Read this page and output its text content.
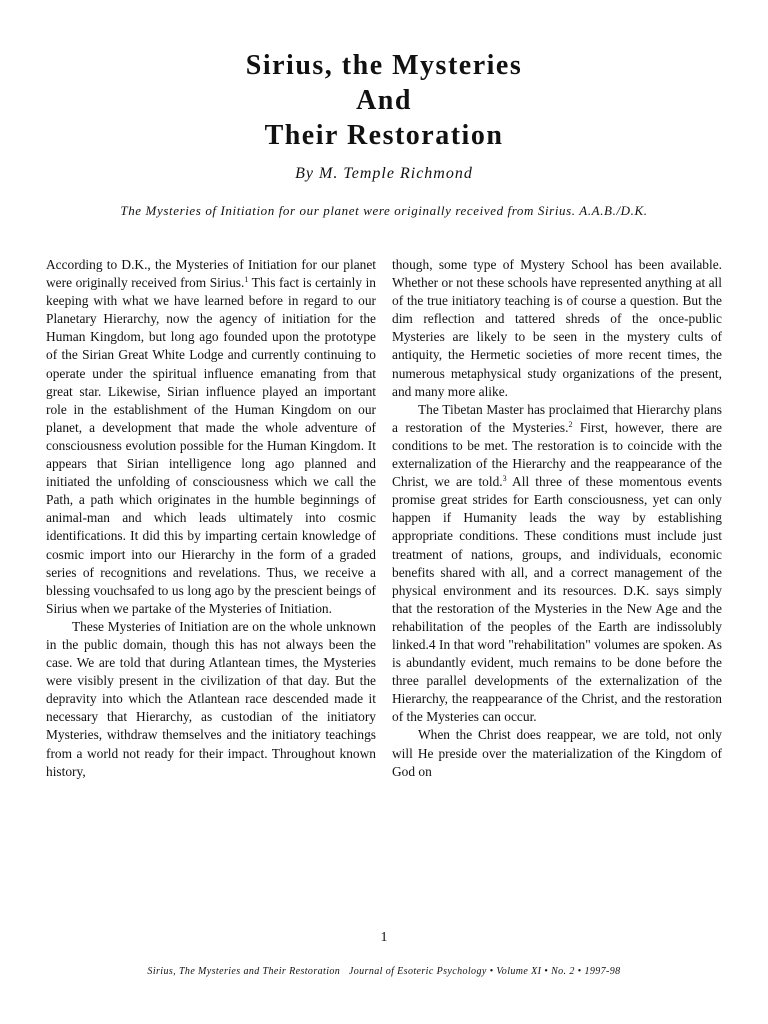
Sirius, the Mysteries
And
Their Restoration
By M. Temple Richmond
The Mysteries of Initiation for our planet were originally received from Sirius. A.A.B./D.K.

According to D.K., the Mysteries of Initiation for our planet were originally received from Sirius.$^1$ This fact is certainly in keeping with what we have learned before in regard to our Planetary Hierarchy, now the agency of initiation for the Human Kingdom, but long ago founded upon the prototype of the Sirian Great White Lodge and currently continuing to operate under the spiritual influence emanating from that great star. Likewise, Sirian influence played an important role in the establishment of the Human Kingdom on our planet, a development that made the whole adventure of consciousness evolution possible for the Human Kingdom. It appears that Sirian intelligence long ago planned and initiated the unfolding of consciousness which we call the Path, a path which originates in the humble beginnings of animal-man and which leads ultimately into cosmic identifications. It did this by imparting certain knowledge of cosmic import into our Hierarchy in the form of a graded series of recognitions and revelations. Thus, we receive a blessing vouchsafed to us long ago by the prescient beings of Sirius when we partake of the Mysteries of Initiation.

These Mysteries of Initiation are on the whole unknown in the public domain, though this has not always been the case. We are told that during Atlantean times, the Mysteries were visibly present in the civilization of that day. But the depravity into which the Atlantean race descended made it necessary that Hierarchy, as custodian of the initiatory Mysteries, withdraw themselves and the initiatory teachings from a world not ready for their impact. Throughout known history,

though, some type of Mystery School has been available. Whether or not these schools have represented anything at all of the true initiatory teaching is of course a question. But the dim reflection and tattered shreds of the once-public Mysteries are likely to be seen in the mystery cults of antiquity, the Hermetic societies of more recent times, the numerous metaphysical study organizations of the present, and many more alike.

The Tibetan Master has proclaimed that Hierarchy plans a restoration of the Mysteries.$^2$ First, however, there are conditions to be met. The restoration is to coincide with the externalization of the Hierarchy and the reappearance of the Christ, we are told.$^3$ All three of these momentous events promise great strides for Earth consciousness, yet can only happen if Humanity leads the way by establishing appropriate conditions. These conditions must include just treatment of nations, groups, and individuals, economic benefits shared with all, and a correct management of the physical environment and its resources. D.K. says simply that the restoration of the Mysteries in the New Age and the rehabilitation of the peoples of the Earth are indissolubly linked.4 In that word "rehabilitation" volumes are spoken. As is abundantly evident, much remains to be done before the three parallel developments of the externalization of the Hierarchy, the reappearance of the Christ, and the restoration of the Mysteries can occur.

When the Christ does reappear, we are told, not only will He preside over the materialization of the Kingdom of God on

1
Sirius, The Mysteries and Their Restoration Journal of Esoteric Psychology • Volume XI • No. 2 • 1997-98
